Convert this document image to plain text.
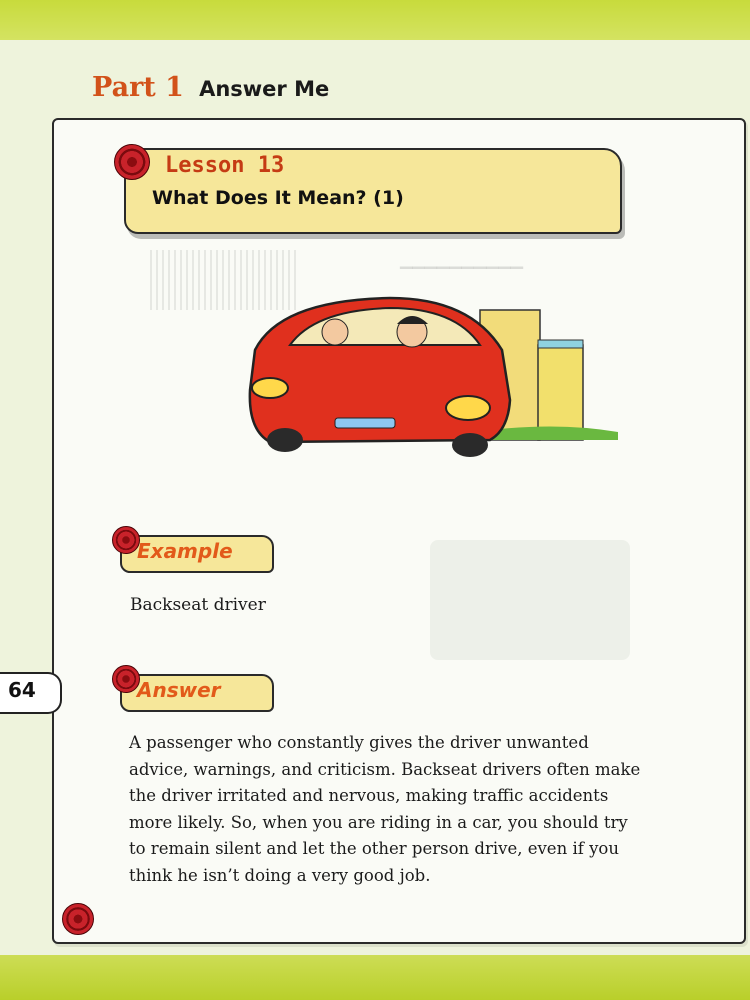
Part 1 Answer Me
▁▁▁▁▁▁▁▁▁▁
Lesson 13
What Does It Mean? (1)
Example
Backseat driver
64	Answer
A passenger who constantly gives the driver unwanted
advice, warnings, and criticism. Backseat drivers often make
the driver irritated and nervous, making traffic accidents
more likely. So, when you are riding in a car, you should try
to remain silent and let the other person drive, even if you
think he isn’t doing a very good job.
